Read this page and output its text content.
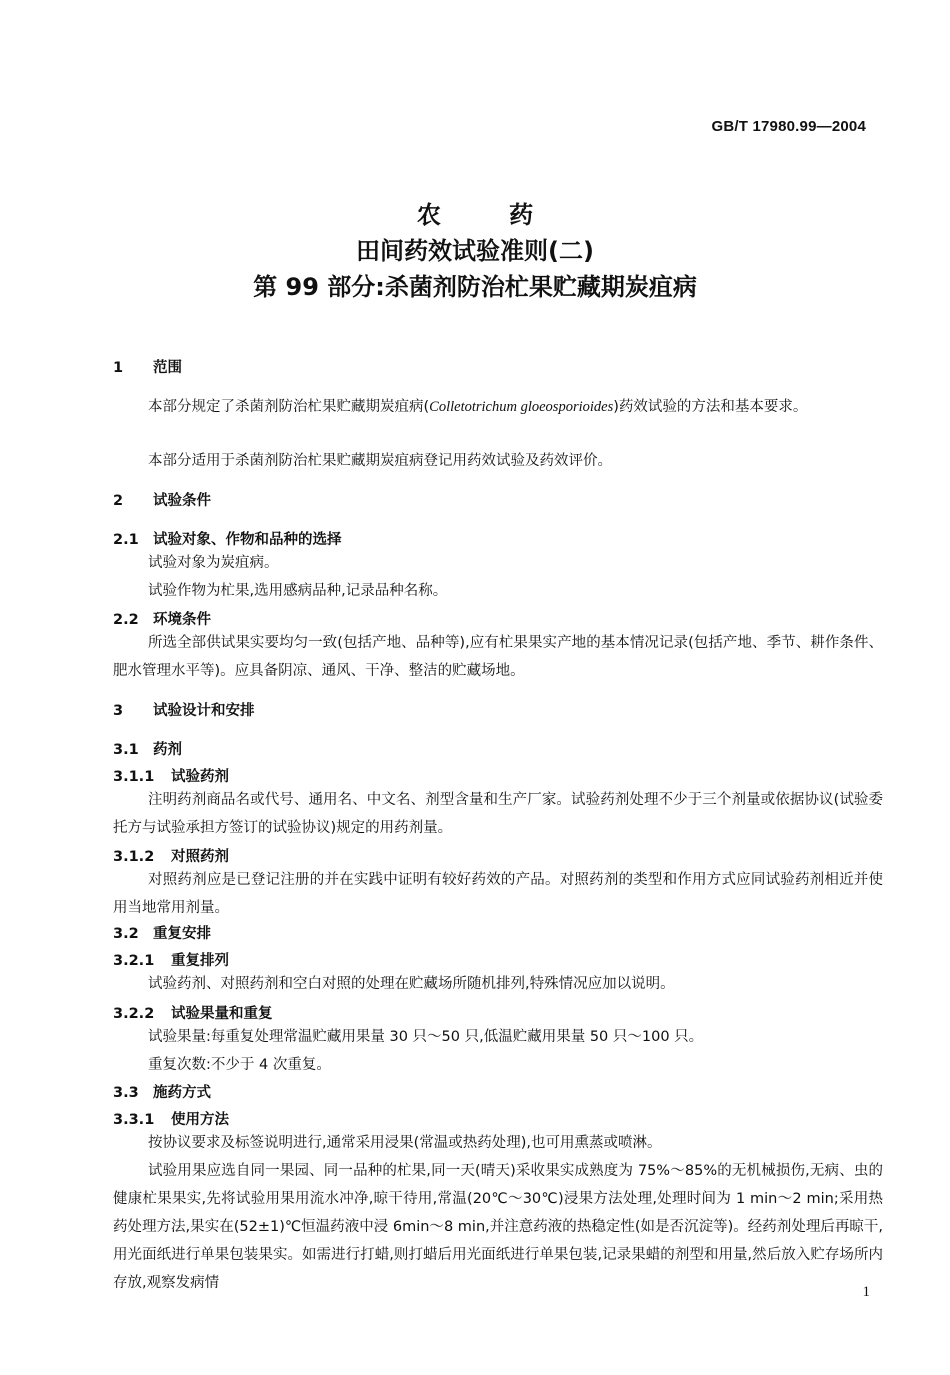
GB/T 17980.99—2004
农 药
田间药效试验准则(二)
第 99 部分:杀菌剂防治杧果贮藏期炭疽病
1 范围
本部分规定了杀菌剂防治杧果贮藏期炭疽病(Colletotrichum gloeosporioides)药效试验的方法和基本要求。
本部分适用于杀菌剂防治杧果贮藏期炭疽病登记用药效试验及药效评价。
2 试验条件
2.1 试验对象、作物和品种的选择
试验对象为炭疽病。
试验作物为杧果,选用感病品种,记录品种名称。
2.2 环境条件
所选全部供试果实要均匀一致(包括产地、品种等),应有杧果果实产地的基本情况记录(包括产地、季节、耕作条件、肥水管理水平等)。应具备阴凉、通风、干净、整洁的贮藏场地。
3 试验设计和安排
3.1 药剂
3.1.1 试验药剂
注明药剂商品名或代号、通用名、中文名、剂型含量和生产厂家。试验药剂处理不少于三个剂量或依据协议(试验委托方与试验承担方签订的试验协议)规定的用药剂量。
3.1.2 对照药剂
对照药剂应是已登记注册的并在实践中证明有较好药效的产品。对照药剂的类型和作用方式应同试验药剂相近并使用当地常用剂量。
3.2 重复安排
3.2.1 重复排列
试验药剂、对照药剂和空白对照的处理在贮藏场所随机排列,特殊情况应加以说明。
3.2.2 试验果量和重复
试验果量:每重复处理常温贮藏用果量 30 只～50 只,低温贮藏用果量 50 只～100 只。
重复次数:不少于 4 次重复。
3.3 施药方式
3.3.1 使用方法
按协议要求及标签说明进行,通常采用浸果(常温或热药处理),也可用熏蒸或喷淋。
试验用果应选自同一果园、同一品种的杧果,同一天(晴天)采收果实成熟度为 75%～85%的无机械损伤,无病、虫的健康杧果果实,先将试验用果用流水冲净,晾干待用,常温(20℃～30℃)浸果方法处理,处理时间为 1 min～2 min;采用热药处理方法,果实在(52±1)℃恒温药液中浸 6min～8 min,并注意药液的热稳定性(如是否沉淀等)。经药剂处理后再晾干,用光面纸进行单果包装果实。如需进行打蜡,则打蜡后用光面纸进行单果包装,记录果蜡的剂型和用量,然后放入贮存场所内存放,观察发病情
1
